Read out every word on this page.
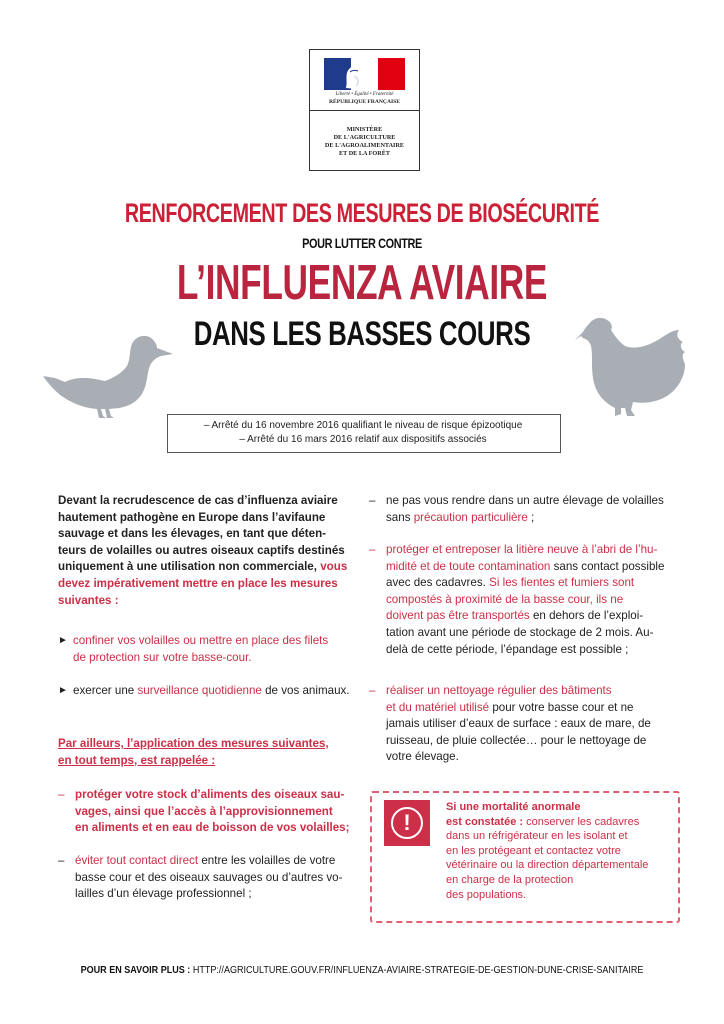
Liberté • Égalité • Fraternité
RÉPUBLIQUE FRANÇAISE
MINISTÈRE
DE L'AGRICULTURE
DE L'AGROALIMENTAIRE
ET DE LA FORÊT
RENFORCEMENT DES MESURES DE BIOSÉCURITÉ
POUR LUTTER CONTRE
L’INFLUENZA AVIAIRE
DANS LES BASSES COURS
– Arrêté du 16 novembre 2016 qualifiant le niveau de risque épizootique
– Arrêté du 16 mars 2016 relatif aux dispositifs associés
Devant la recrudescence de cas d’influenza aviaire
hautement pathogène en Europe dans l’avifaune
sauvage et dans les élevages, en tant que déten-
teurs de volailles ou autres oiseaux captifs destinés
uniquement à une utilisation non commerciale, vous
devez impérativement mettre en place les mesures
suivantes :
► confiner vos volailles ou mettre en place des filets
de protection sur votre basse-cour.
► exercer une surveillance quotidienne de vos animaux.
Par ailleurs, l’application des mesures suivantes,
en tout temps, est rappelée :
– protéger votre stock d’aliments des oiseaux sau-
vages, ainsi que l’accès à l’approvisionnement
en aliments et en eau de boisson de vos volailles;
– éviter tout contact direct entre les volailles de votre
basse cour et des oiseaux sauvages ou d’autres vo-
lailles d’un élevage professionnel ;
– ne pas vous rendre dans un autre élevage de volailles
sans précaution particulière ;
– protéger et entreposer la litière neuve à l’abri de l’hu-
midité et de toute contamination sans contact possible
avec des cadavres. Si les fientes et fumiers sont
compostés à proximité de la basse cour, ils ne
doivent pas être transportés en dehors de l’exploi-
tation avant une période de stockage de 2 mois. Au-
delà de cette période, l’épandage est possible ;
– réaliser un nettoyage régulier des bâtiments
et du matériel utilisé pour votre basse cour et ne
jamais utiliser d’eaux de surface : eaux de mare, de
ruisseau, de pluie collectée… pour le nettoyage de
votre élevage.
!
Si une mortalité anormale
est constatée : conserver les cadavres
dans un réfrigérateur en les isolant et
en les protégeant et contactez votre
vétérinaire ou la direction départementale
en charge de la protection
des populations.
POUR EN SAVOIR PLUS : HTTP://AGRICULTURE.GOUV.FR/INFLUENZA-AVIAIRE-STRATEGIE-DE-GESTION-DUNE-CRISE-SANITAIRE
